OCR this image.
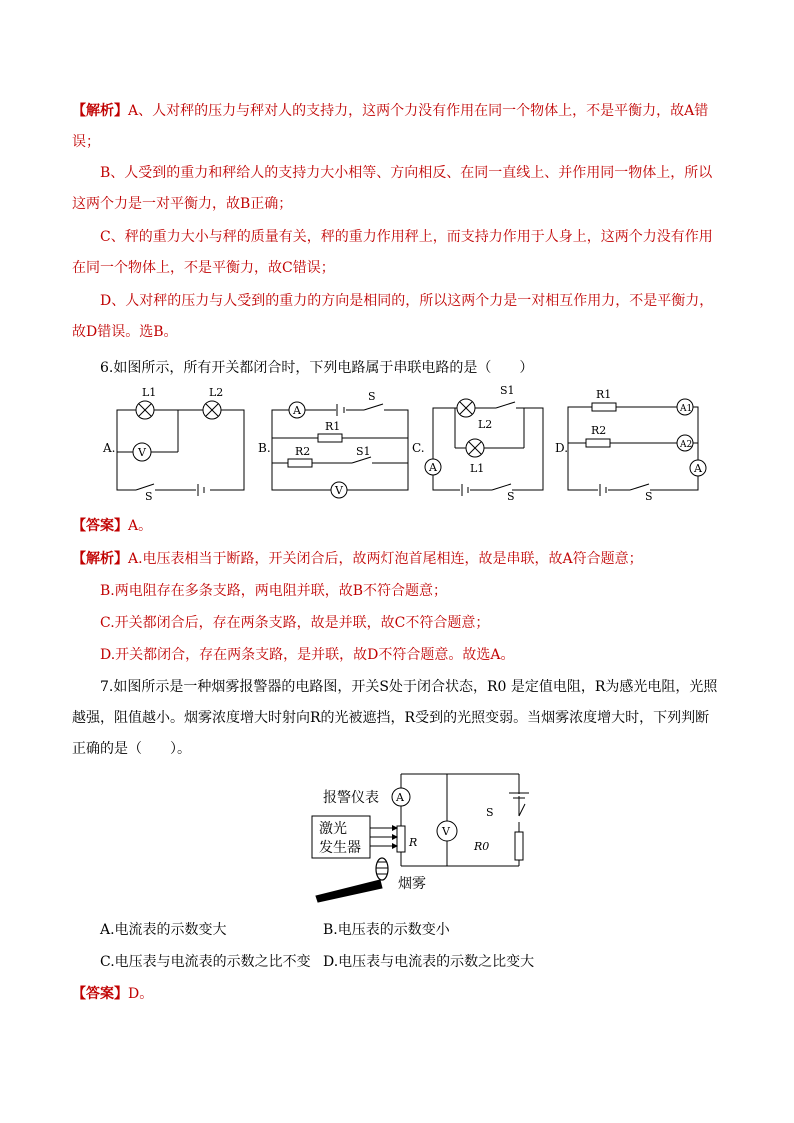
【解析】A、人对秤的压力与秤对人的支持力，这两个力没有作用在同一个物体上，不是平衡力，故A错误；
B、人受到的重力和秤给人的支持力大小相等、方向相反、在同一直线上、并作用同一物体上，所以这两个力是一对平衡力，故B正确；
C、秤的重力大小与秤的质量有关，秤的重力作用秤上，而支持力作用于人身上，这两个力没有作用在同一个物体上，不是平衡力，故C错误；
D、人对秤的压力与人受到的重力的方向是相同的，所以这两个力是一对相互作用力，不是平衡力，故D错误。选B。
6.如图所示，所有开关都闭合时，下列电路属于串联电路的是（　　）
A.
L1	L2
V
S
B.
A
S
R1
R2	S1
V
C.
S1
L2
L1
A
S
D.
R1
A1
R2
A2
A
S
【答案】A。
【解析】A.电压表相当于断路，开关闭合后，故两灯泡首尾相连，故是串联，故A符合题意；
B.两电阻存在多条支路，两电阻并联，故B不符合题意；
C.开关都闭合后，存在两条支路，故是并联，故C不符合题意；
D.开关都闭合，存在两条支路，是并联，故D不符合题意。故选A。
7.如图所示是一种烟雾报警器的电路图，开关S处于闭合状态，R0 是定值电阻，R为感光电阻，光照越强，阻值越小。烟雾浓度增大时射向R的光被遮挡，R受到的光照变弱。当烟雾浓度增大时，下列判断正确的是（　　）。
报警仪表 A
激光
发生器
V
R	R0
S
烟雾
A.电流表的示数变大	B.电压表的示数变小
C.电压表与电流表的示数之比不变 D.电压表与电流表的示数之比变大
【答案】D。
